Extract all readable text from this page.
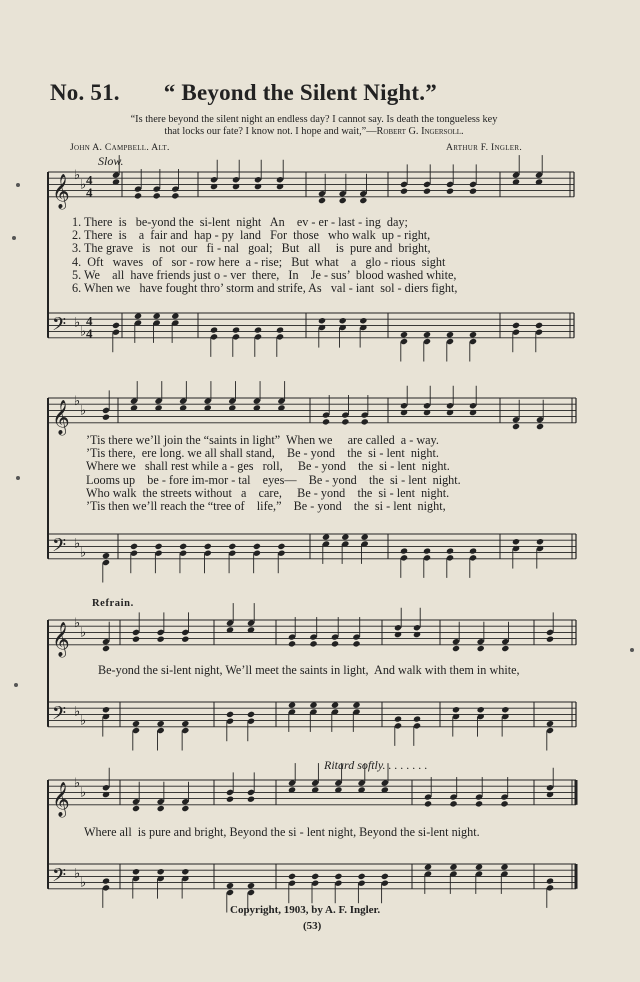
No. 51. “ Beyond the Silent Night.”
“Is there beyond the silent night an endless day? I cannot say. Is death the tongueless key
that locks our fate? I know not. I hope and wait,”—Robert G. Ingersoll.
John A. Campbell. Alt.	Arthur F. Ingler.
Slow.
𝄞 ♭
♭
𝄢 ♭
♭
𝄞 ♭
♭
𝄢 ♭
♭
𝄞 ♭
♭
𝄢 ♭
♭
𝄞 ♭
♭
𝄢 ♭
♭
4
4
4
4
1. There  is   be-yond the  si-lent  night   An    ev - er - last - ing  day;
2. There  is    a  fair and  hap - py  land   For  those   who walk  up - right,
3. The grave   is   not  our   fi - nal   goal;   But   all     is  pure and  bright,
4.  Oft   waves   of   sor - row here  a - rise;   But  what    a   glo - rious  sight
5. We    all  have friends just o - ver  there,   In    Je - sus’  blood washed white,
6. When we   have fought thro’ storm and strife, As   val - iant  sol - diers fight,
’Tis there we’ll join the “saints in light”  When we     are called  a - way.
’Tis there,  ere long. we all shall stand,    Be - yond    the  si - lent  night.
Where we   shall rest while a - ges   roll,     Be - yond    the  si - lent  night.
Looms up    be - fore im-mor - tal    eyes—    Be - yond    the  si - lent  night.
Who walk  the streets without   a    care,     Be - yond    the  si - lent  night.
’Tis then we’ll reach the “tree of    life,”    Be - yond    the  si - lent  night,
Refrain.
Be-yond the si-lent night, We’ll meet the saints in light,  And walk with them in white,
Ritard softly. . . . . . . .
Where all  is pure and bright, Beyond the si - lent night, Beyond the si-lent night.
Copyright, 1903, by A. F. Ingler.
(53)
